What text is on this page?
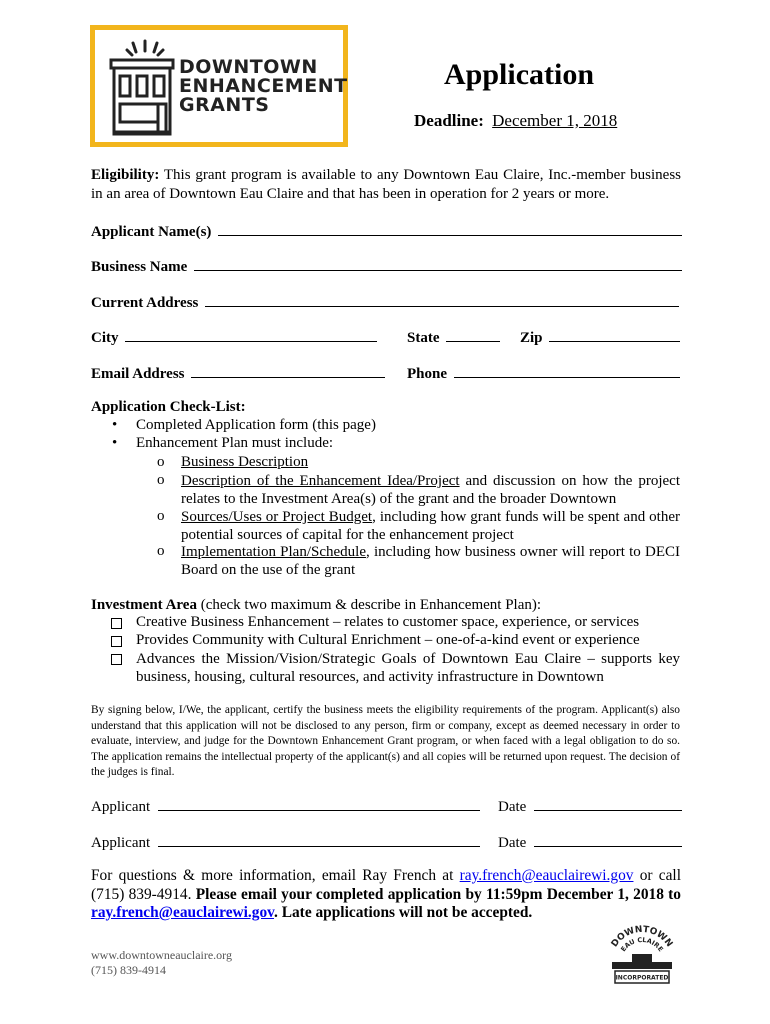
DOWNTOWN
ENHANCEMENT
GRANTS
Application
Deadline: December 1, 2018
Eligibility: This grant program is available to any Downtown Eau Claire, Inc.-member business in an area of Downtown Eau Claire and that has been in operation for 2 years or more.
Applicant Name(s)
Business Name
Current Address
City	State	Zip
Email Address	Phone
Application Check-List:
• Completed Application form (this page)
• Enhancement Plan must include:
o Business Description
o Description of the Enhancement Idea/Project and discussion on how the project relates to the Investment Area(s) of the grant and the broader Downtown
o Sources/Uses or Project Budget, including how grant funds will be spent and other potential sources of capital for the enhancement project
o Implementation Plan/Schedule, including how business owner will report to DECI Board on the use of the grant
Investment Area (check two maximum & describe in Enhancement Plan):
Creative Business Enhancement – relates to customer space, experience, or services
Provides Community with Cultural Enrichment – one-of-a-kind event or experience
Advances the Mission/Vision/Strategic Goals of Downtown Eau Claire – supports key business, housing, cultural resources, and activity infrastructure in Downtown
By signing below, I/We, the applicant, certify the business meets the eligibility requirements of the program. Applicant(s) also understand that this application will not be disclosed to any person, firm or company, except as deemed necessary in order to evaluate, interview, and judge for the Downtown Enhancement Grant program, or when faced with a legal obligation to do so. The application remains the intellectual property of the applicant(s) and all copies will be returned upon request. The decision of the judges is final.
Applicant	Date
Applicant	Date
For questions & more information, email Ray French at ray.french@eauclairewi.gov or call (715) 839-4914. Please email your completed application by 11:59pm December 1, 2018 to ray.french@eauclairewi.gov. Late applications will not be accepted.
www.downtowneauclaire.org
(715) 839-4914
DOWNTOWN
EAU CLAIRE
INCORPORATED
